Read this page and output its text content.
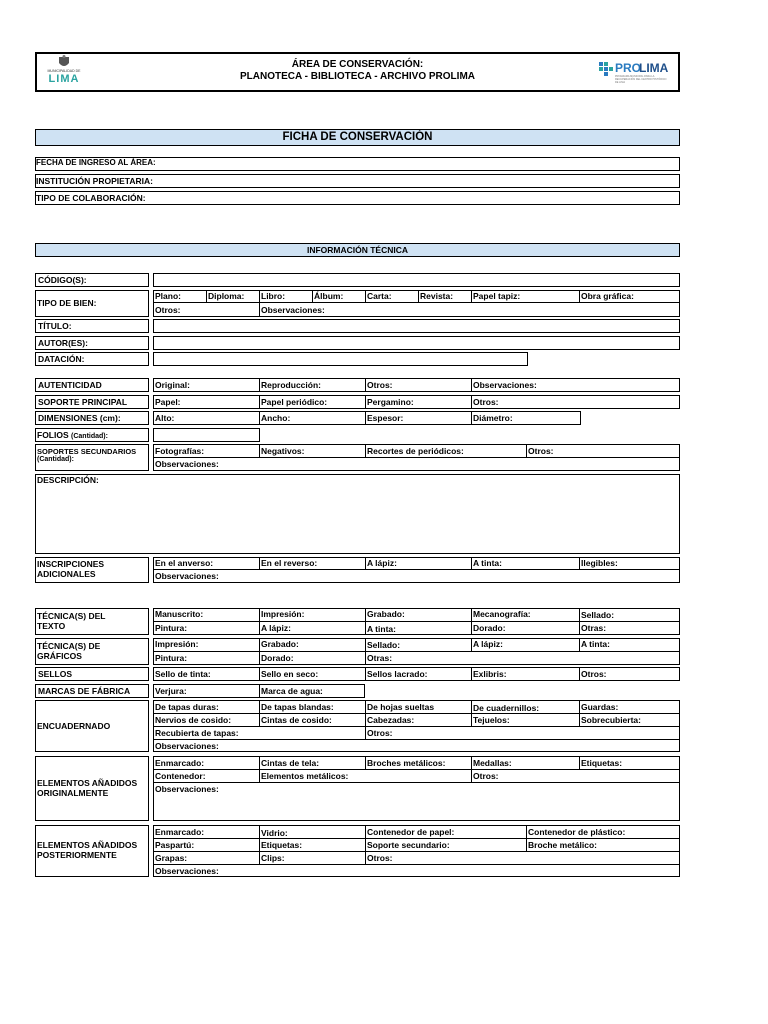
MUNICIPALIDAD DE
LIMA
ÁREA DE CONSERVACIÓN:
PLANOTECA - BIBLIOTECA - ARCHIVO PROLIMA
PRO
LIMA
PROGRAMA MUNICIPAL PARA LA RECUPERACIÓN DEL CENTRO HISTÓRICO DE LIMA
FICHA DE CONSERVACIÓN
FECHA DE INGRESO AL ÁREA:
INSTITUCIÓN PROPIETARIA:
TIPO DE COLABORACIÓN:
INFORMACIÓN TÉCNICA
CÓDIGO(S):
TIPO DE BIEN:
Plano:	Diploma: Libro:	Álbum:	Carta:	Revista: Papel tapiz:	Obra gráfica:
Otros:	Observaciones:
TÍTULO:
AUTOR(ES):
DATACIÓN:
AUTENTICIDAD	Original:	Reproducción:	Otros:	Observaciones:
SOPORTE PRINCIPAL	Papel:	Papel periódico:	Pergamino:	Otros:
DIMENSIONES (cm):	Alto:	Ancho:	Espesor:	Diámetro:
FOLIOS (Cantidad):
SOPORTES SECUNDARIOS
(Cantidad):
Fotografías:	Negativos:	Recortes de periódicos:	Otros:
Observaciones:
DESCRIPCIÓN:
INSCRIPCIONES ADICIONALES
En el anverso:	En el reverso:	A lápiz:	A tinta:	Ilegibles:
Observaciones:
TÉCNICA(S) DEL TEXTO
Manuscrito:	Impresión:	Grabado:	Mecanografía:	Sellado:
Pintura:	A lápiz:	A tinta:	Dorado:	Otras:
TÉCNICA(S) DE GRÁFICOS
Impresión:	Grabado:	Sellado:	A lápiz:	A tinta:
Pintura:	Dorado:	Otras:
SELLOS	Sello de tinta:	Sello en seco:	Sellos lacrado:	Exlibris:	Otros:
MARCAS DE FÁBRICA	Verjura:	Marca de agua:
ENCUADERNADO
De tapas duras:	De tapas blandas:	De hojas sueltas	De cuadernillos:	Guardas:
Nervios de cosido:	Cintas de cosido:	Cabezadas:	Tejuelos:	Sobrecubierta:
Recubierta de tapas:	Otros:
Observaciones:
ELEMENTOS AÑADIDOS ORIGINALMENTE
Enmarcado:	Cintas de tela:	Broches metálicos:	Medallas:	Etiquetas:
Contenedor:	Elementos metálicos:	Otros:
Observaciones:
ELEMENTOS AÑADIDOS POSTERIORMENTE
Enmarcado:	Vidrio:	Contenedor de papel:	Contenedor de plástico:
Paspartú:	Etiquetas:	Soporte secundario:	Broche metálico:
Grapas:	Clips:	Otros:
Observaciones:
